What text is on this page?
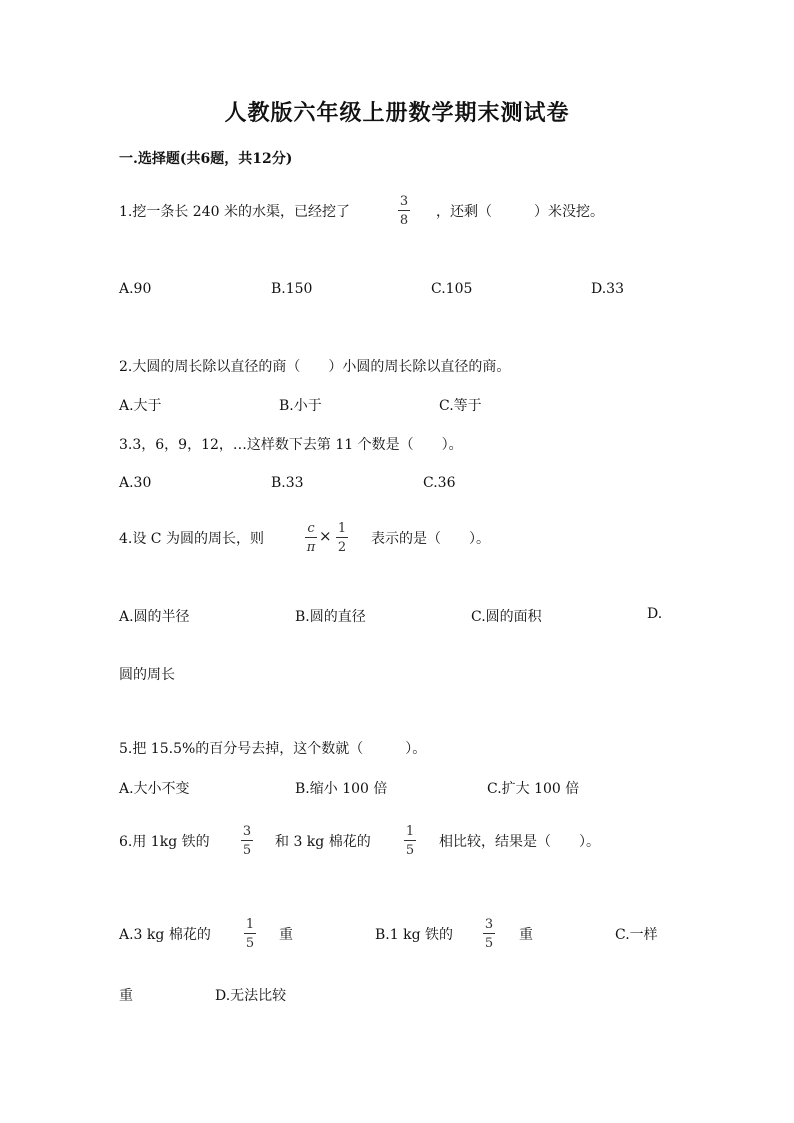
人教版六年级上册数学期末测试卷
一.选择题(共6题，共12分)
1.挖一条长 240 米的水渠，已经挖了
3
8
，还剩（　　　）米没挖。
A.90	B.150	C.105	D.33
2.大圆的周长除以直径的商（　　）小圆的周长除以直径的商。
A.大于	B.小于	C.等于
3.3，6，9，12，…这样数下去第 11 个数是（　　）。
A.30	B.33	C.36
4.设 C 为圆的周长，则
c
π
× 1
2
表示的是（　　）。
A.圆的半径	B.圆的直径	C.圆的面积	D.
圆的周长
5.把 15.5%的百分号去掉，这个数就（　　　）。
A.大小不变	B.缩小 100 倍	C.扩大 100 倍
6.用 1kg 铁的
3
5
和 3 kg 棉花的
1
5
相比较，结果是（　　）。
A.3 kg 棉花的
1
5
重	B.1 kg 铁的
3
5
重	C.一样
重	D.无法比较
